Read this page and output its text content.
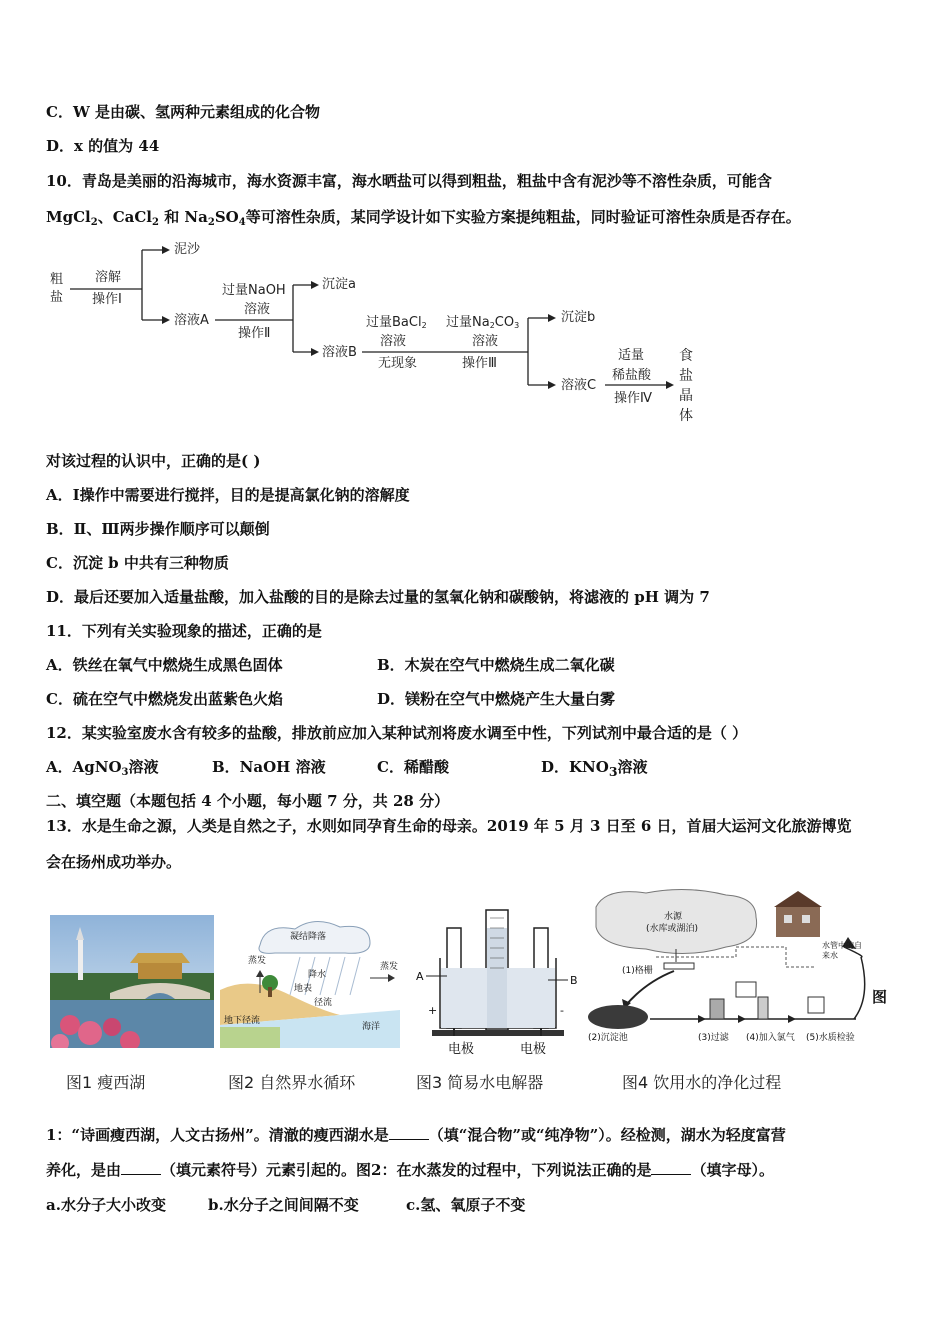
C．W 是由碳、氢两种元素组成的化合物
D．x 的值为 44
10．青岛是美丽的沿海城市，海水资源丰富，海水晒盐可以得到粗盐，粗盐中含有泥沙等不溶性杂质，可能含
MgCl$_2$、CaCl$_2$ 和 $Na_2SO_4$等可溶性杂质，某同学设计如下实验方案提纯粗盐，同时验证可溶性杂质是否存在。
粗
盐
溶解
操作Ⅰ
泥沙
溶液A
过量NaOH
溶液
操作Ⅱ
沉淀a
溶液B
过量BaCl$_2$
溶液
无现象
过量$Na_2CO_3$
溶液
操作Ⅲ
沉淀b
溶液C
适量
稀盐酸
操作Ⅳ
食
盐
晶
体
对该过程的认识中，正确的是( )
A．Ⅰ操作中需要进行搅拌，目的是提高氯化钠的溶解度
B．Ⅱ、Ⅲ两步操作顺序可以颠倒
C．沉淀 b 中共有三种物质
D．最后还要加入适量盐酸，加入盐酸的目的是除去过量的氢氧化钠和碳酸钠，将滤液的 pH 调为 7
11．下列有关实验现象的描述，正确的是
A．铁丝在氧气中燃烧生成黑色固体	B．木炭在空气中燃烧生成二氧化碳
C．硫在空气中燃烧发出蓝紫色火焰	D．镁粉在空气中燃烧产生大量白雾
12．某实验室废水含有较多的盐酸，排放前应加入某种试剂将废水调至中性，下列试剂中最合适的是（ ）
A．AgNO$_3$溶液	B．NaOH 溶液	C．稀醋酸	D．$KNO_3$溶液
二、填空题（本题包括 4 个小题，每小题 7 分，共 28 分）
13．水是生命之源，人类是自然之子，水则如同孕育生命的母亲。2019 年 5 月 3 日至 6 日，首届大运河文化旅游博览
会在扬州成功举办。
凝结降落
蒸发
降水
地表
径流
蒸发
地下径流
海洋
A	B
+	-
电极	电极
水源
(水库或湖泊)
(1)格栅
(2)沉淀池	(3)过滤 (4)加入氯气 (5)水质检验
水管中的自来水
图
图1 瘦西湖	图2 自然界水循环	图3 简易水电解器	图4 饮用水的净化过程
1：“诗画瘦西湖，人文古扬州”。清澈的瘦西湖水是	（填“混合物”或“纯净物”）。经检测，湖水为轻度富营
养化，是由	（填元素符号）元素引起的。图2：在水蒸发的过程中，下列说法正确的是	（填字母）。
a.水分子大小改变	b.水分子之间间隔不变	c.氢、氧原子不变
